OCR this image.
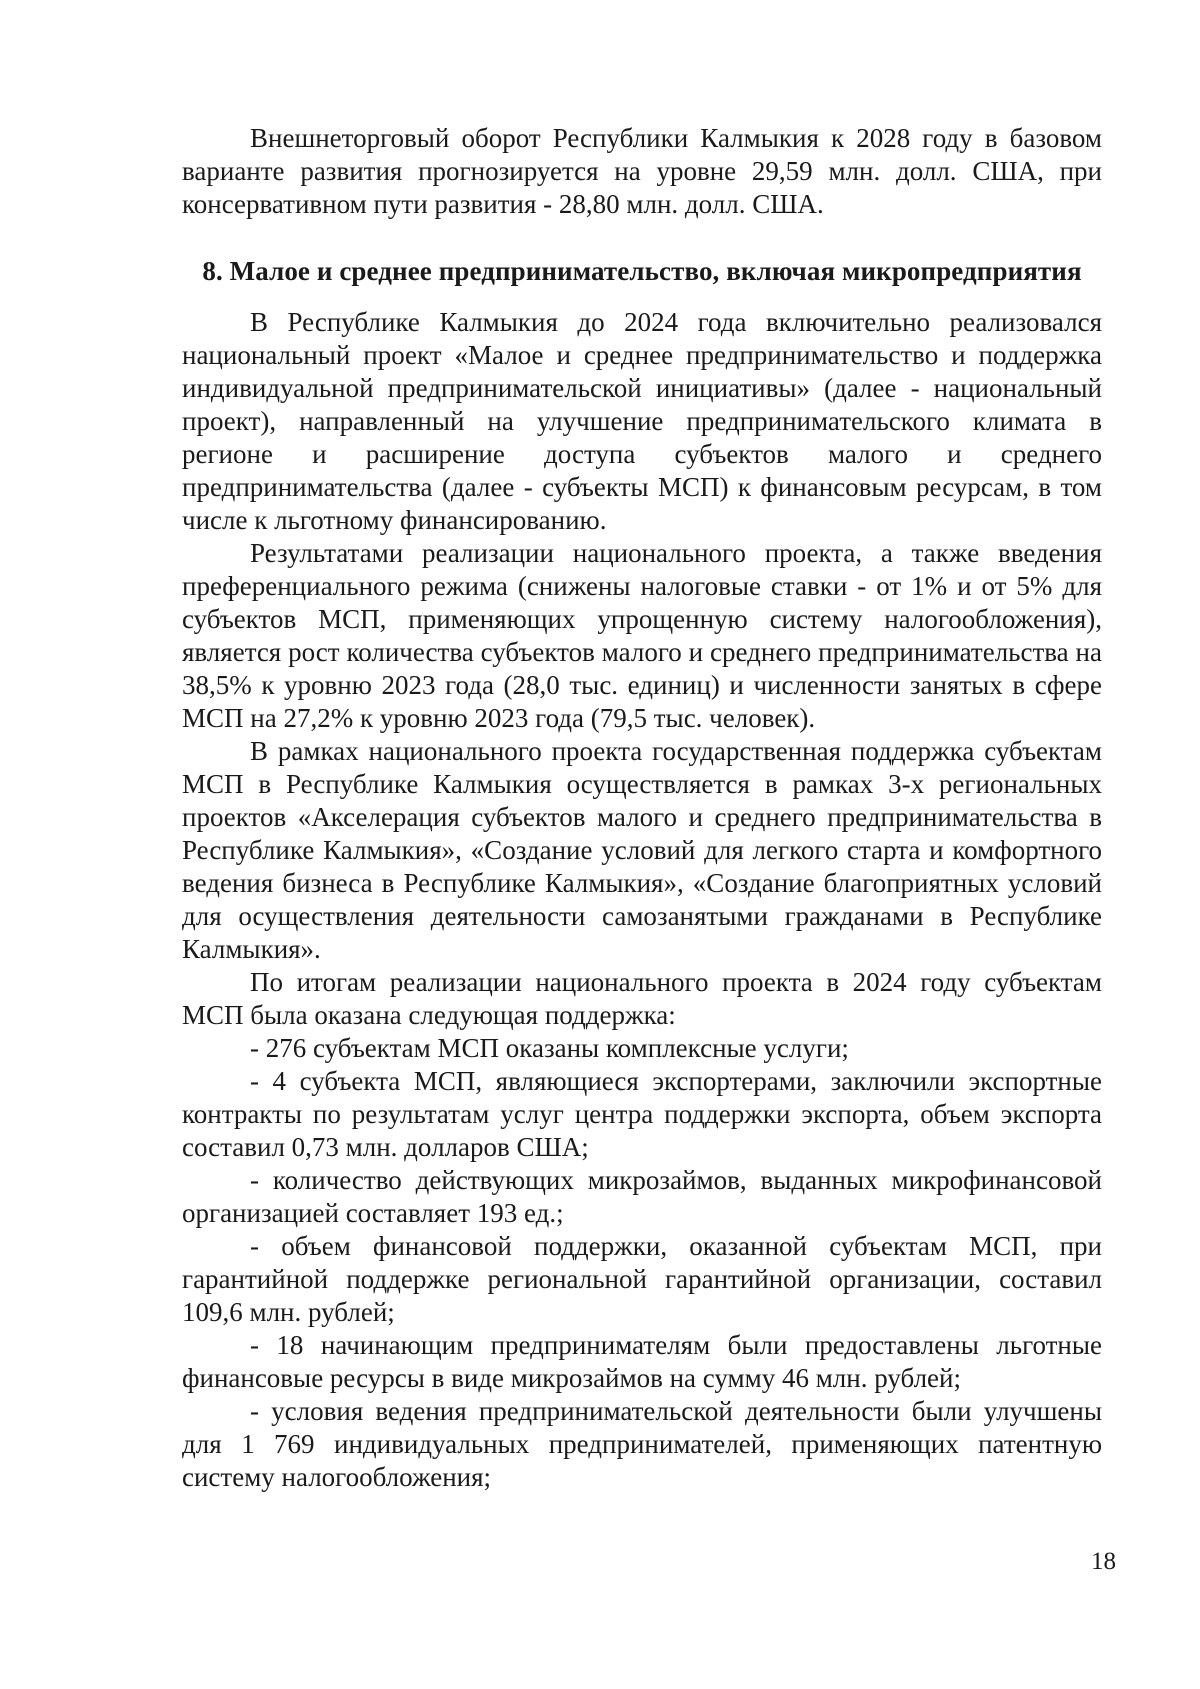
Внешнеторговый оборот Республики Калмыкия к 2028 году в базовом варианте развития прогнозируется на уровне 29,59 млн. долл. США, при консервативном пути развития - 28,80 млн. долл. США.

8. Малое и среднее предпринимательство, включая микропредприятия

В Республике Калмыкия до 2024 года включительно реализовался национальный проект «Малое и среднее предпринимательство и поддержка индивидуальной предпринимательской инициативы» (далее - национальный проект), направленный на улучшение предпринимательского климата в регионе и расширение доступа субъектов малого и среднего предпринимательства (далее - субъекты МСП) к финансовым ресурсам, в том числе к льготному финансированию.

Результатами реализации национального проекта, а также введения преференциального режима (снижены налоговые ставки - от 1% и от 5% для субъектов МСП, применяющих упрощенную систему налогообложения), является рост количества субъектов малого и среднего предпринимательства на 38,5% к уровню 2023 года (28,0 тыс. единиц) и численности занятых в сфере МСП на 27,2% к уровню 2023 года (79,5 тыс. человек).

В рамках национального проекта государственная поддержка субъектам МСП в Республике Калмыкия осуществляется в рамках 3-х региональных проектов «Акселерация субъектов малого и среднего предпринимательства в Республике Калмыкия», «Создание условий для легкого старта и комфортного ведения бизнеса в Республике Калмыкия», «Создание благоприятных условий для осуществления деятельности самозанятыми гражданами в Республике Калмыкия».

По итогам реализации национального проекта в 2024 году субъектам МСП была оказана следующая поддержка:

- 276 субъектам МСП оказаны комплексные услуги;

- 4 субъекта МСП, являющиеся экспортерами, заключили экспортные контракты по результатам услуг центра поддержки экспорта, объем экспорта составил 0,73 млн. долларов США;

- количество действующих микрозаймов, выданных микрофинансовой организацией составляет 193 ед.;

- объем финансовой поддержки, оказанной субъектам МСП, при гарантийной поддержке региональной гарантийной организации, составил 109,6 млн. рублей;

- 18 начинающим предпринимателям были предоставлены льготные финансовые ресурсы в виде микрозаймов на сумму 46 млн. рублей;

- условия ведения предпринимательской деятельности были улучшены для 1 769 индивидуальных предпринимателей, применяющих патентную систему налогообложения;

18
